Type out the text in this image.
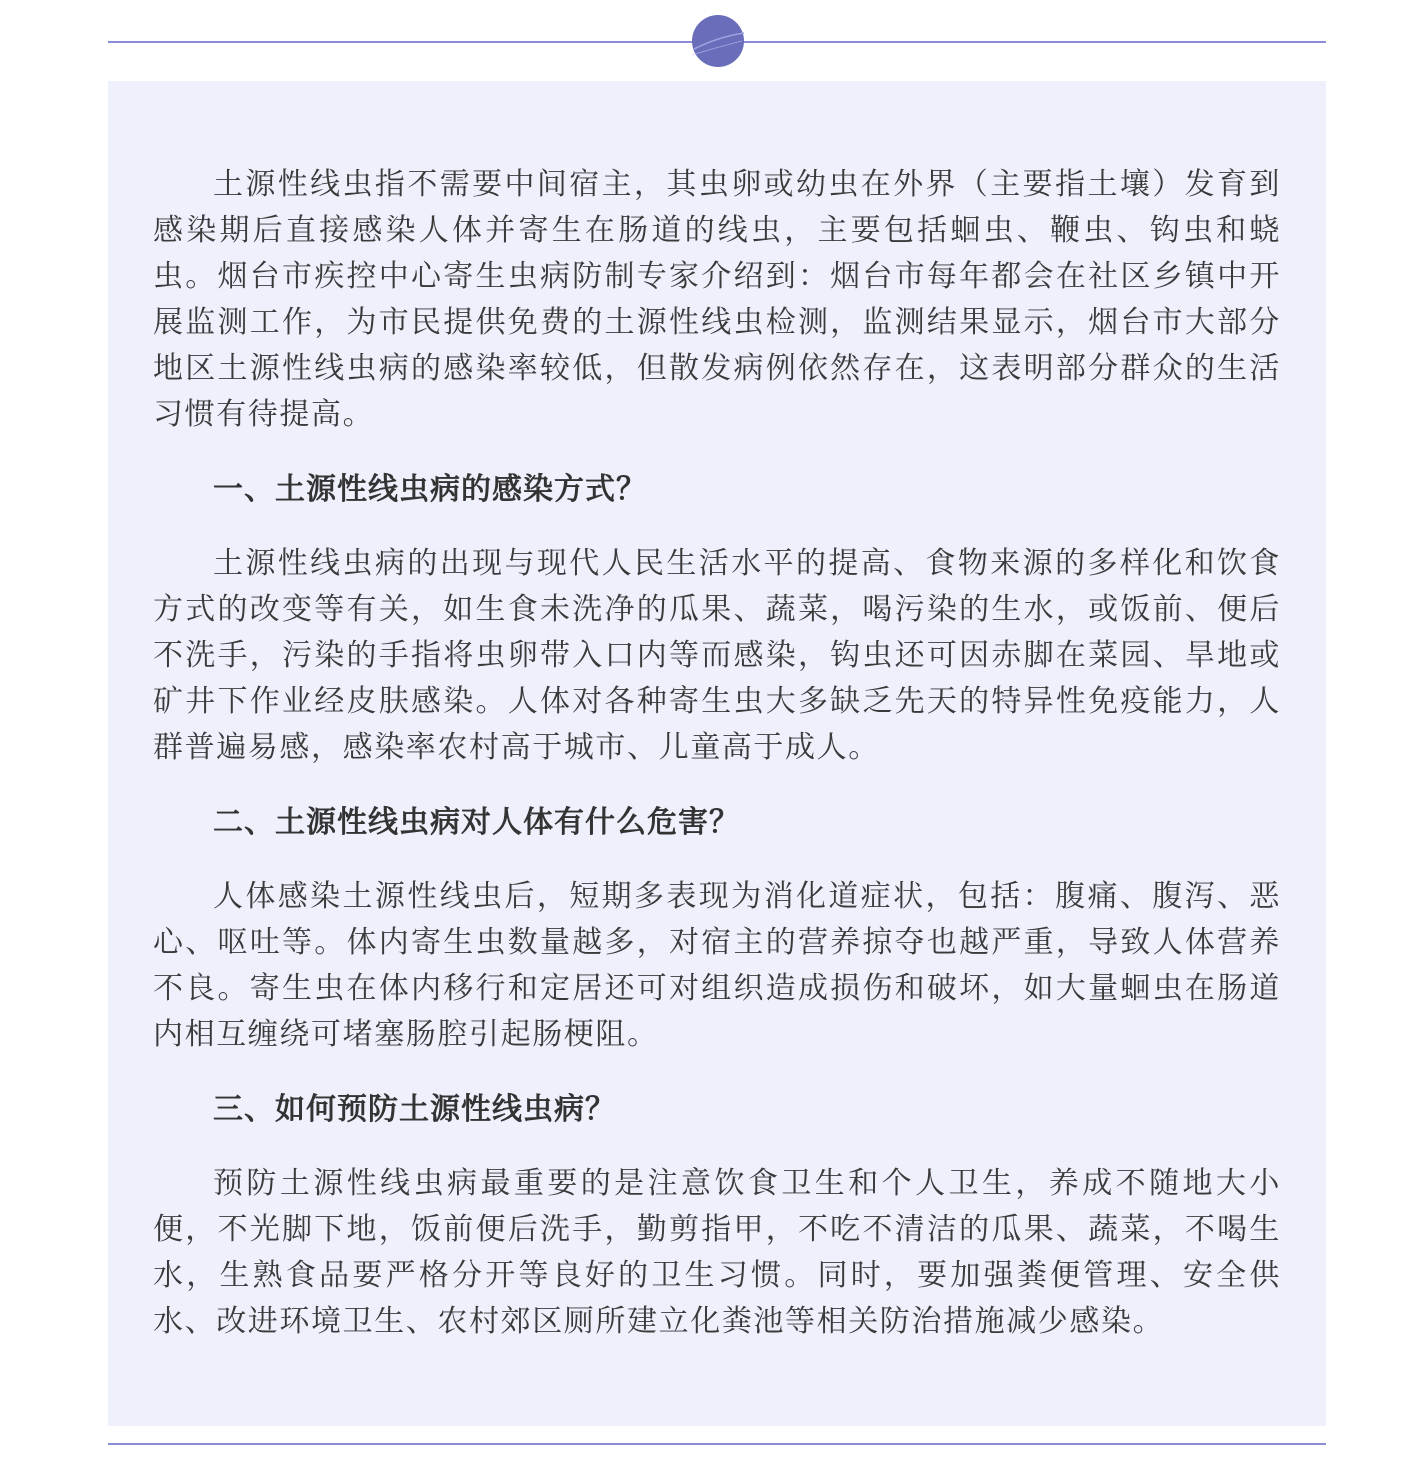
土源性线虫指不需要中间宿主，其虫卵或幼虫在外界（主要指土壤）发育到感染期后直接感染人体并寄生在肠道的线虫，主要包括蛔虫、鞭虫、钩虫和蛲虫。烟台市疾控中心寄生虫病防制专家介绍到：烟台市每年都会在社区乡镇中开展监测工作，为市民提供免费的土源性线虫检测，监测结果显示，烟台市大部分地区土源性线虫病的感染率较低，但散发病例依然存在，这表明部分群众的生活习惯有待提高。

一、土源性线虫病的感染方式？

土源性线虫病的出现与现代人民生活水平的提高、食物来源的多样化和饮食方式的改变等有关，如生食未洗净的瓜果、蔬菜，喝污染的生水，或饭前、便后不洗手，污染的手指将虫卵带入口内等而感染，钩虫还可因赤脚在菜园、旱地或矿井下作业经皮肤感染。人体对各种寄生虫大多缺乏先天的特异性免疫能力，人群普遍易感，感染率农村高于城市、儿童高于成人。

二、土源性线虫病对人体有什么危害？

人体感染土源性线虫后，短期多表现为消化道症状，包括：腹痛、腹泻、恶心、呕吐等。体内寄生虫数量越多，对宿主的营养掠夺也越严重，导致人体营养不良。寄生虫在体内移行和定居还可对组织造成损伤和破坏，如大量蛔虫在肠道内相互缠绕可堵塞肠腔引起肠梗阻。

三、如何预防土源性线虫病？

预防土源性线虫病最重要的是注意饮食卫生和个人卫生，养成不随地大小便，不光脚下地，饭前便后洗手，勤剪指甲，不吃不清洁的瓜果、蔬菜，不喝生水，生熟食品要严格分开等良好的卫生习惯。同时，要加强粪便管理、安全供水、改进环境卫生、农村郊区厕所建立化粪池等相关防治措施减少感染。
